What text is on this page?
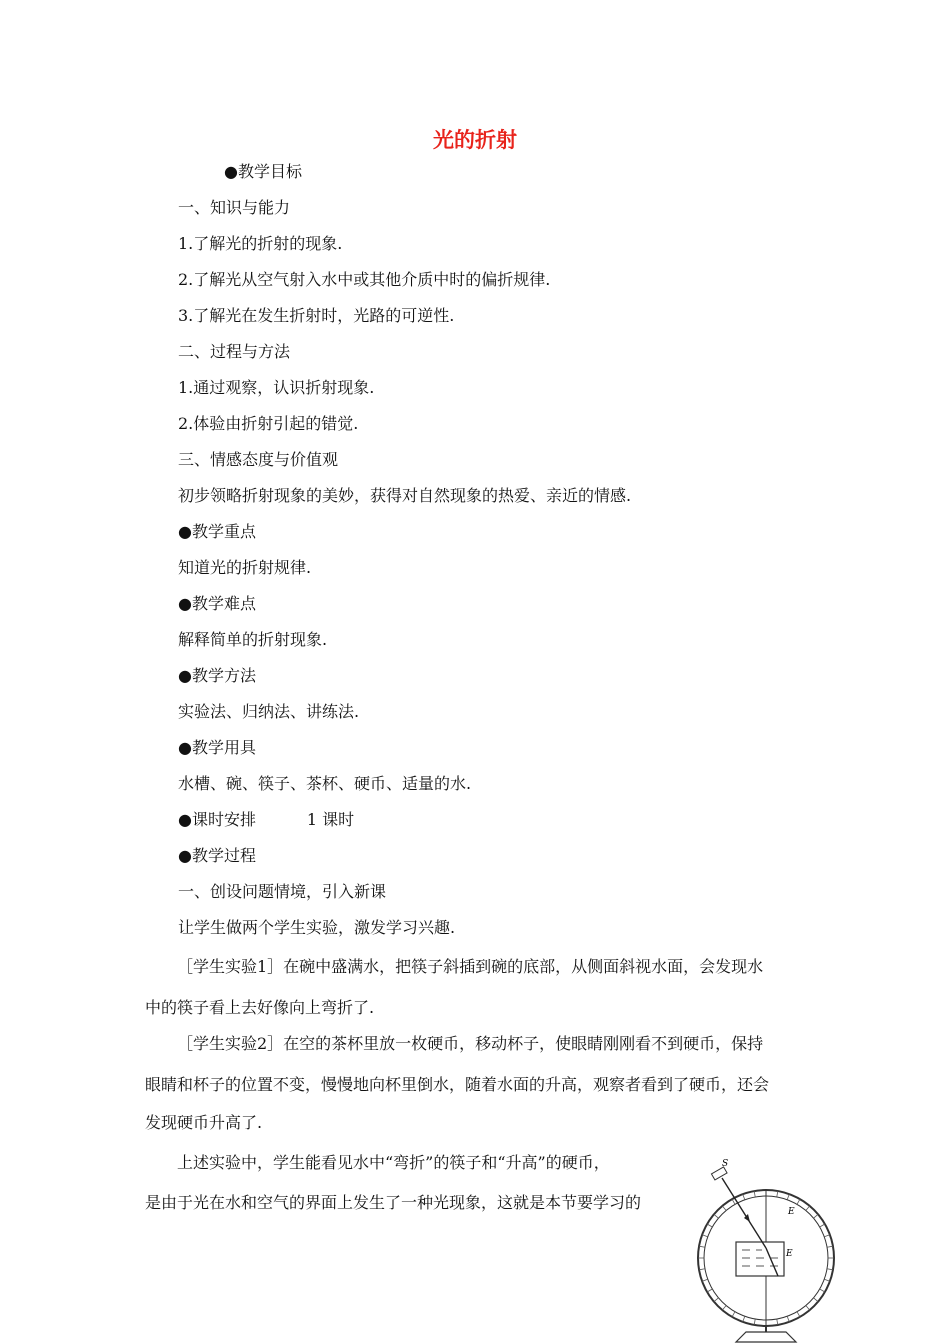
光的折射
●教学目标
一、知识与能力
1.了解光的折射的现象.
2.了解光从空气射入水中或其他介质中时的偏折规律.
3.了解光在发生折射时，光路的可逆性.
二、过程与方法
1.通过观察，认识折射现象.
2.体验由折射引起的错觉.
三、情感态度与价值观
初步领略折射现象的美妙，获得对自然现象的热爱、亲近的情感.
●教学重点
知道光的折射规律.
●教学难点
解释简单的折射现象.
●教学方法
实验法、归纳法、讲练法.
●教学用具
水槽、碗、筷子、茶杯、硬币、适量的水.
●课时安排          1 课时
●教学过程
一、创设问题情境，引入新课
让学生做两个学生实验，激发学习兴趣.
［学生实验1］在碗中盛满水，把筷子斜插到碗的底部，从侧面斜视水面，会发现水
中的筷子看上去好像向上弯折了.
［学生实验2］在空的茶杯里放一枚硬币，移动杯子，使眼睛刚刚看不到硬币，保持
眼睛和杯子的位置不变，慢慢地向杯里倒水，随着水面的升高，观察者看到了硬币，还会
发现硬币升高了.
上述实验中，学生能看见水中“弯折”的筷子和“升高”的硬币，
是由于光在水和空气的界面上发生了一种光现象，这就是本节要学习的
S
E
E
